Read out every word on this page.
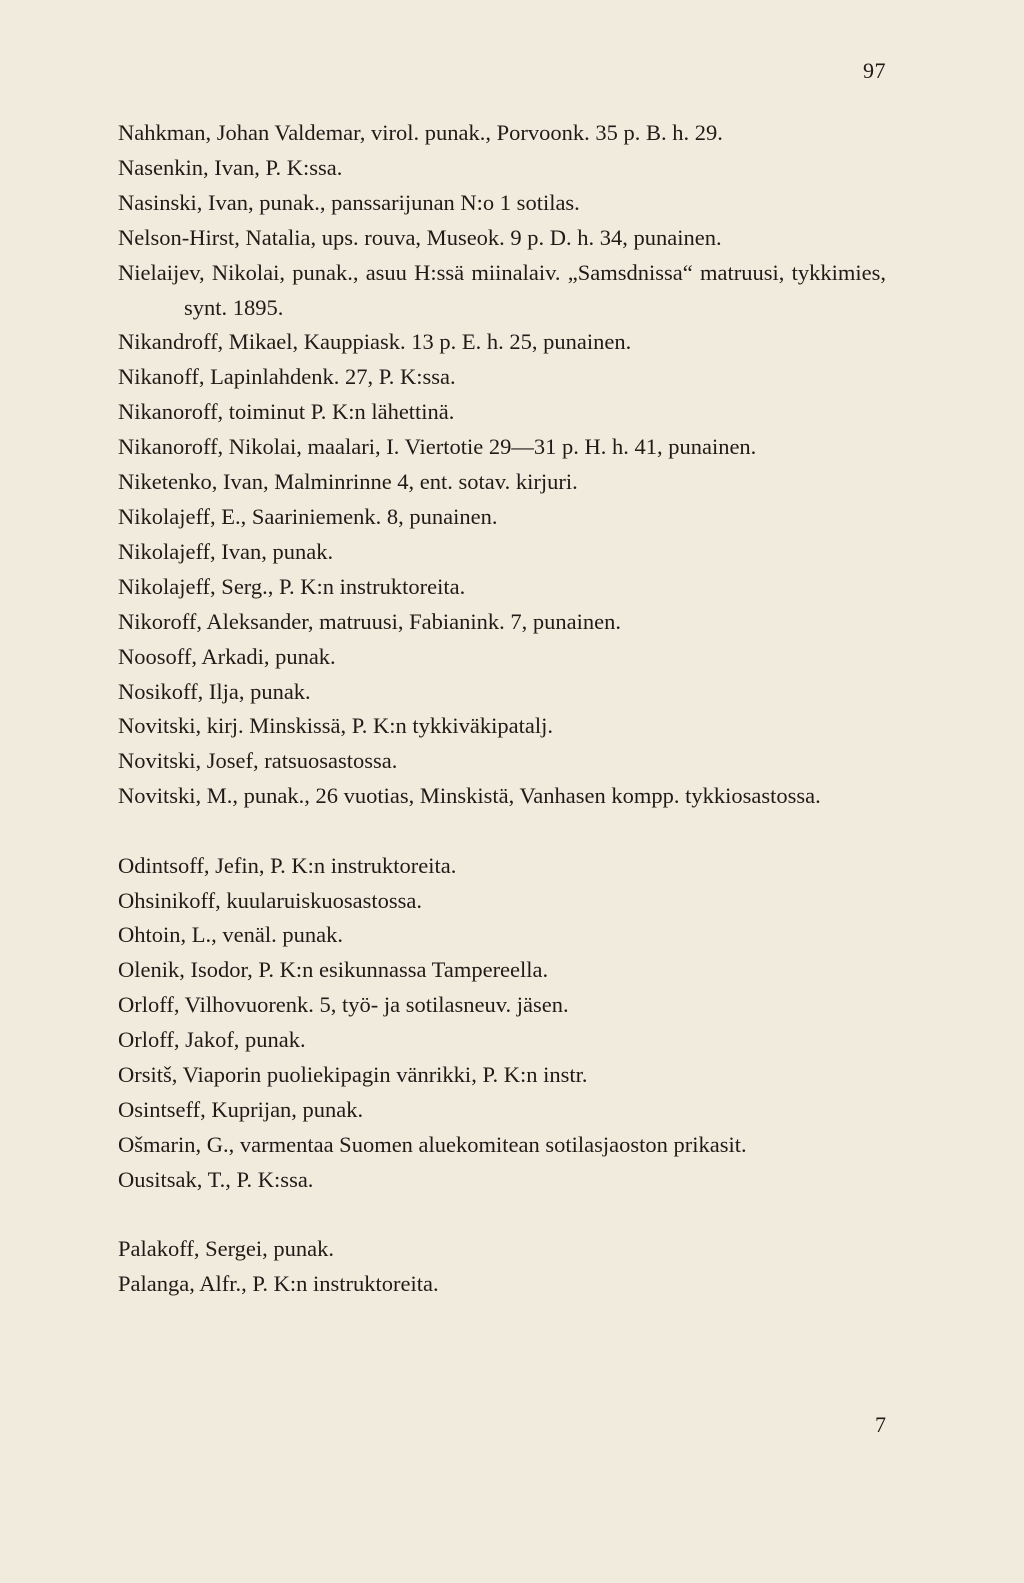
97

Nahkman, Johan Valdemar, virol. punak., Porvoonk. 35 p. B. h. 29.

Nasenkin, Ivan, P. K:ssa.

Nasinski, Ivan, punak., panssarijunan N:o 1 sotilas.

Nelson-Hirst, Natalia, ups. rouva, Museok. 9 p. D. h. 34, punainen.

Nielaijev, Nikolai, punak., asuu H:ssä miinalaiv. „Samsdnissa“ matruusi, tykkimies, synt. 1895.

Nikandroff, Mikael, Kauppiask. 13 p. E. h. 25, punainen.

Nikanoff, Lapinlahdenk. 27, P. K:ssa.

Nikanoroff, toiminut P. K:n lähettinä.

Nikanoroff, Nikolai, maalari, I. Viertotie 29—31 p. H. h. 41, punainen.

Niketenko, Ivan, Malminrinne 4, ent. sotav. kirjuri.

Nikolajeff, E., Saariniemenk. 8, punainen.

Nikolajeff, Ivan, punak.

Nikolajeff, Serg., P. K:n instruktoreita.

Nikoroff, Aleksander, matruusi, Fabianink. 7, punainen.

Noosoff, Arkadi, punak.

Nosikoff, Ilja, punak.

Novitski, kirj. Minskissä, P. K:n tykkiväkipatalj.

Novitski, Josef, ratsuosastossa.

Novitski, M., punak., 26 vuotias, Minskistä, Vanhasen kompp. tykkiosastossa.

Odintsoff, Jefin, P. K:n instruktoreita.

Ohsinikoff, kuularuiskuosastossa.

Ohtoin, L., venäl. punak.

Olenik, Isodor, P. K:n esikunnassa Tampereella.

Orloff, Vilhovuorenk. 5, työ- ja sotilasneuv. jäsen.

Orloff, Jakof, punak.

Orsitš, Viaporin puoliekipagin vänrikki, P. K:n instr.

Osintseff, Kuprijan, punak.

Ošmarin, G., varmentaa Suomen aluekomitean sotilasjaoston prikasit.

Ousitsak, T., P. K:ssa.

Palakoff, Sergei, punak.

Palanga, Alfr., P. K:n instruktoreita.

7
